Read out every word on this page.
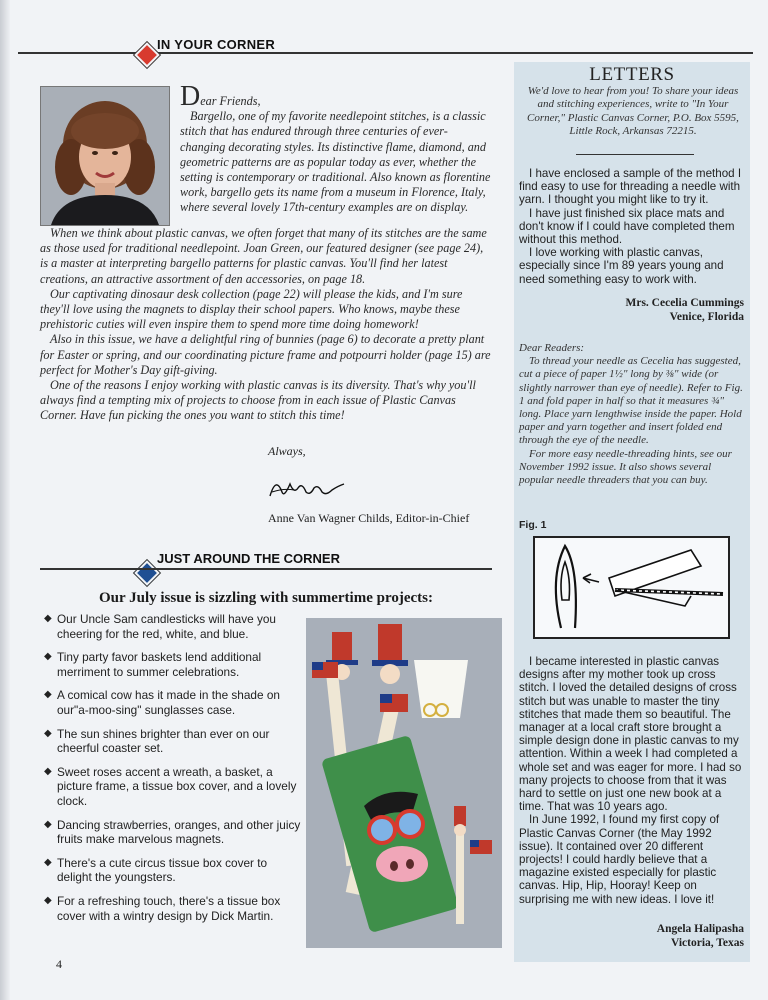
IN YOUR CORNER

Dear Friends,

Bargello, one of my favorite needlepoint stitches, is a classic stitch that has endured through three centuries of ever-changing decorating styles. Its distinctive flame, diamond, and geometric patterns are as popular today as ever, whether the setting is contemporary or traditional. Also known as florentine work, bargello gets its name from a museum in Florence, Italy, where several lovely 17th-century examples are on display.

When we think about plastic canvas, we often forget that many of its stitches are the same as those used for traditional needlepoint. Joan Green, our featured designer (see page 24), is a master at interpreting bargello patterns for plastic canvas. You'll find her latest creations, an attractive assortment of den accessories, on page 18.

Our captivating dinosaur desk collection (page 22) will please the kids, and I'm sure they'll love using the magnets to display their school papers. Who knows, maybe these prehistoric cuties will even inspire them to spend more time doing homework!

Also in this issue, we have a delightful ring of bunnies (page 6) to decorate a pretty plant for Easter or spring, and our coordinating picture frame and potpourri holder (page 15) are perfect for Mother's Day gift-giving.

One of the reasons I enjoy working with plastic canvas is its diversity. That's why you'll always find a tempting mix of projects to choose from in each issue of Plastic Canvas Corner. Have fun picking the ones you want to stitch this time!

Always,
Anne Van Wagner Childs, Editor-in-Chief
JUST AROUND THE CORNER
Our July issue is sizzling with summertime projects:
◆ Our Uncle Sam candlesticks will have you cheering for the red, white, and blue.
◆ Tiny party favor baskets lend additional merriment to summer celebrations.
◆ A comical cow has it made in the shade on our"a-moo-sing" sunglasses case.
◆ The sun shines brighter than ever on our cheerful coaster set.
◆ Sweet roses accent a wreath, a basket, a picture frame, a tissue box cover, and a lovely clock.
◆ Dancing strawberries, oranges, and other juicy fruits make marvelous magnets.
◆ There's a cute circus tissue box cover to delight the youngsters.
◆ For a refreshing touch, there's a tissue box cover with a wintry design by Dick Martin.
4
LETTERS
We'd love to hear from you! To share your ideas and stitching experiences, write to "In Your Corner," Plastic Canvas Corner, P.O. Box 5595, Little Rock, Arkansas 72215.

I have enclosed a sample of the method I find easy to use for threading a needle with yarn. I thought you might like to try it.

I have just finished six place mats and don't know if I could have completed them without this method.

I love working with plastic canvas, especially since I'm 89 years young and need something easy to work with.

Mrs. Cecelia Cummings
Venice, Florida

Dear Readers:

To thread your needle as Cecelia has suggested, cut a piece of paper 1½" long by ⅜" wide (or slightly narrower than eye of needle). Refer to Fig. 1 and fold paper in half so that it measures ¾" long. Place yarn lengthwise inside the paper. Hold paper and yarn together and insert folded end through the eye of the needle.

For more easy needle-threading hints, see our November 1992 issue. It also shows several popular needle threaders that you can buy.

Fig. 1

I became interested in plastic canvas designs after my mother took up cross stitch. I loved the detailed designs of cross stitch but was unable to master the tiny stitches that made them so beautiful. The manager at a local craft store brought a simple design done in plastic canvas to my attention. Within a week I had completed a whole set and was eager for more. I had so many projects to choose from that it was hard to settle on just one new book at a time. That was 10 years ago.

In June 1992, I found my first copy of Plastic Canvas Corner (the May 1992 issue). It contained over 20 different projects! I could hardly believe that a magazine existed especially for plastic canvas. Hip, Hip, Hooray! Keep on surprising me with new ideas. I love it!

Angela Halipasha
Victoria, Texas
